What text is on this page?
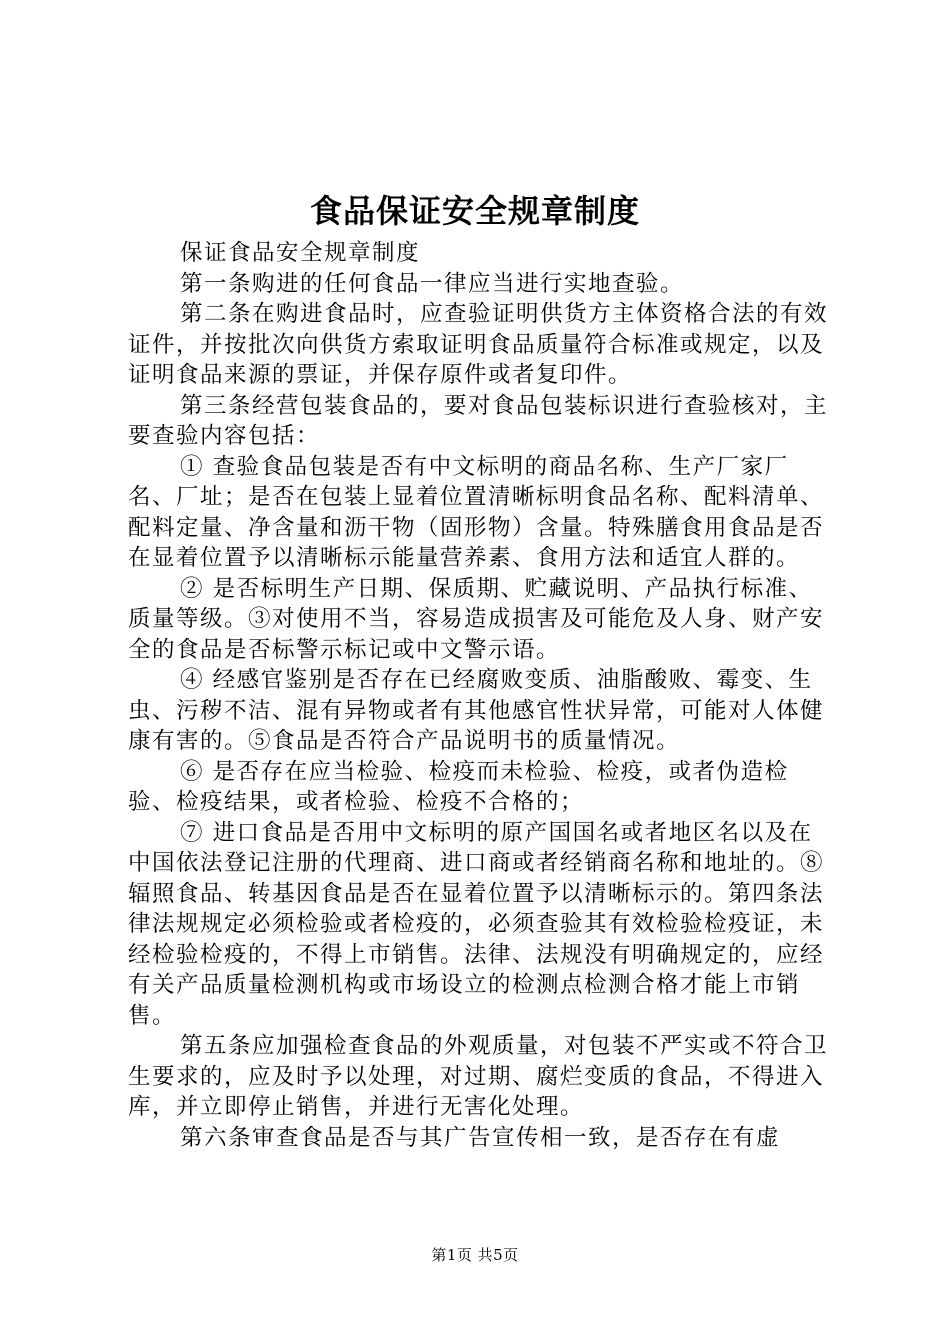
食品保证安全规章制度

保证食品安全规章制度

第一条购进的任何食品一律应当进行实地查验。

第二条在购进食品时，应查验证明供货方主体资格合法的有效证件，并按批次向供货方索取证明食品质量符合标准或规定，以及证明食品来源的票证，并保存原件或者复印件。

第三条经营包装食品的，要对食品包装标识进行查验核对，主要查验内容包括：

① 查验食品包装是否有中文标明的商品名称、生产厂家厂名、厂址；是否在包装上显着位置清晰标明食品名称、配料清单、配料定量、净含量和沥干物（固形物）含量。特殊膳食用食品是否在显着位置予以清晰标示能量营养素、食用方法和适宜人群的。

② 是否标明生产日期、保质期、贮藏说明、产品执行标准、质量等级。③对使用不当，容易造成损害及可能危及人身、财产安全的食品是否标警示标记或中文警示语。

④ 经感官鉴别是否存在已经腐败变质、油脂酸败、霉变、生虫、污秽不洁、混有异物或者有其他感官性状异常，可能对人体健康有害的。⑤食品是否符合产品说明书的质量情况。

⑥ 是否存在应当检验、检疫而未检验、检疫，或者伪造检验、检疫结果，或者检验、检疫不合格的；

⑦ 进口食品是否用中文标明的原产国国名或者地区名以及在中国依法登记注册的代理商、进口商或者经销商名称和地址的。⑧辐照食品、转基因食品是否在显着位置予以清晰标示的。第四条法律法规规定必须检验或者检疫的，必须查验其有效检验检疫证，未经检验检疫的，不得上市销售。法律、法规没有明确规定的，应经有关产品质量检测机构或市场设立的检测点检测合格才能上市销售。

第五条应加强检查食品的外观质量，对包装不严实或不符合卫生要求的，应及时予以处理，对过期、腐烂变质的食品，不得进入库，并立即停止销售，并进行无害化处理。

第六条审查食品是否与其广告宣传相一致，是否存在有虚

第1页 共5页
